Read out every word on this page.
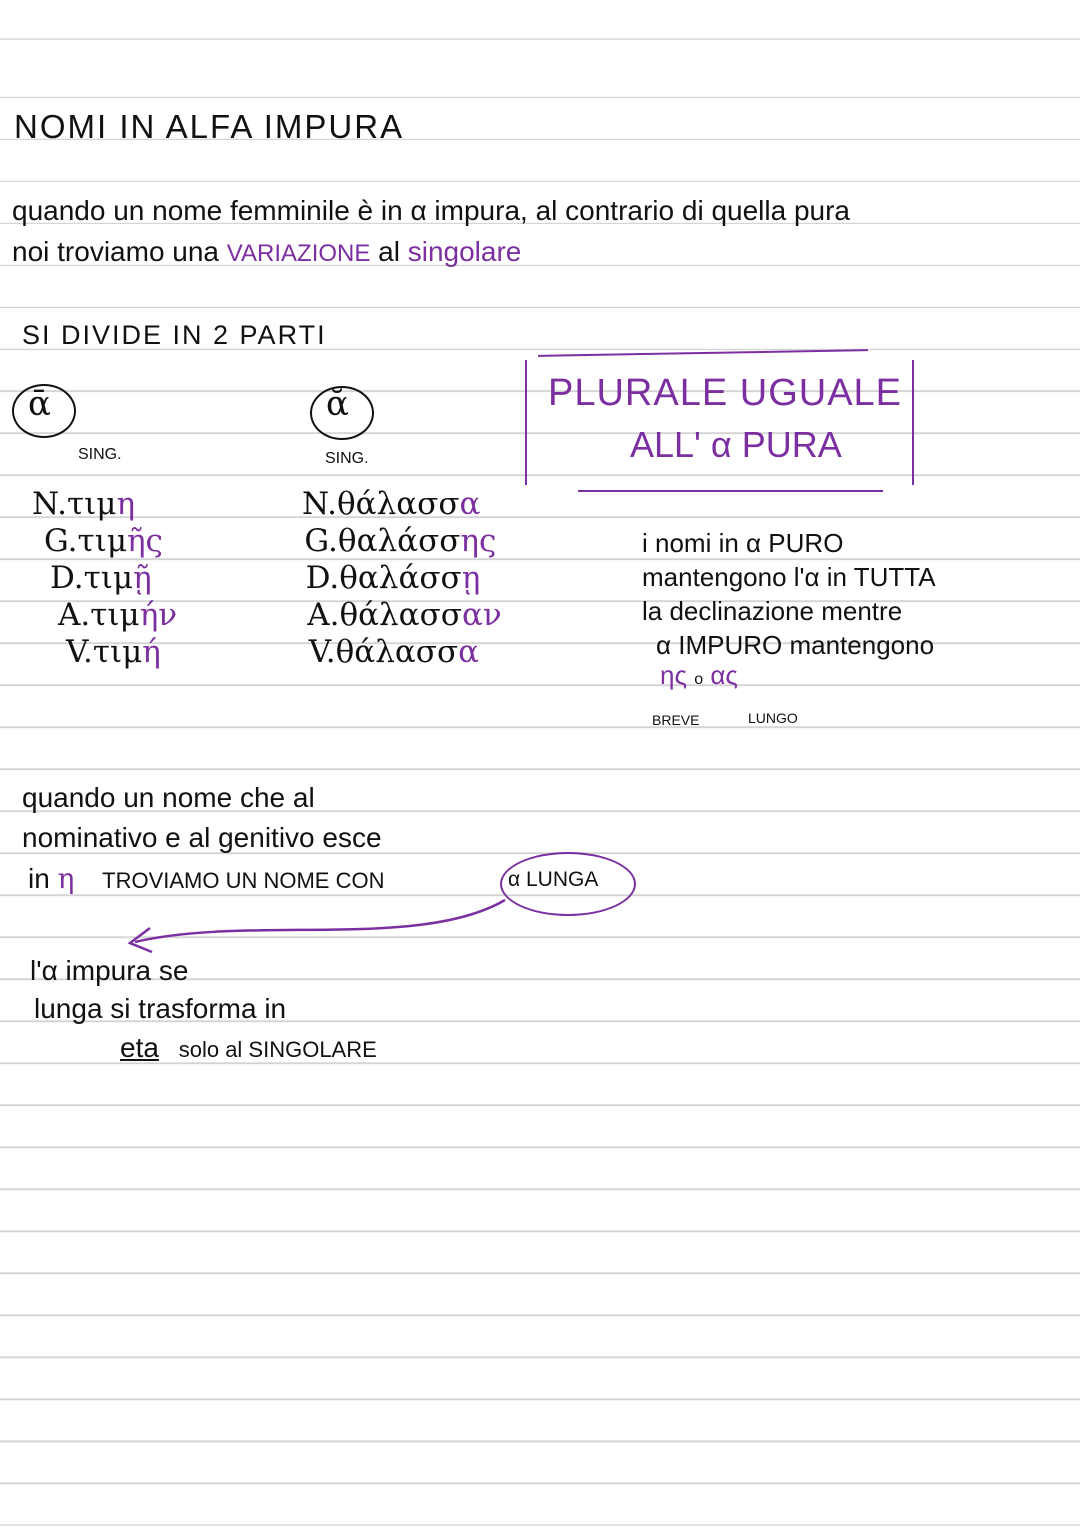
NOMI IN ALFA IMPURA
quando un nome femminile è in α impura, al contrario di quella pura
noi troviamo una VARIAZIONE al singolare
SI DIVIDE IN 2 PARTI
ᾱ
SING.
N.τιμη
G.τιμῆς
D.τιμῇ
A.τιμήν
V.τιμή
ᾰ
SING.
N.θάλασσα
G.θαλάσσης
D.θαλάσσῃ
A.θάλασσαν
V.θάλασσα
PLURALE UGUALE
ALL' α PURA
i nomi in α PURO
mantengono l'α in TUTTA
la declinazione mentre
α IMPURO mantengono
ης o ας
BREVE	LUNGO
quando un nome che al
nominativo e al genitivo esce
in η TROVIAMO UN NOME CON	α LUNGA
l'α impura se
lunga si trasforma in
eta solo al SINGOLARE
